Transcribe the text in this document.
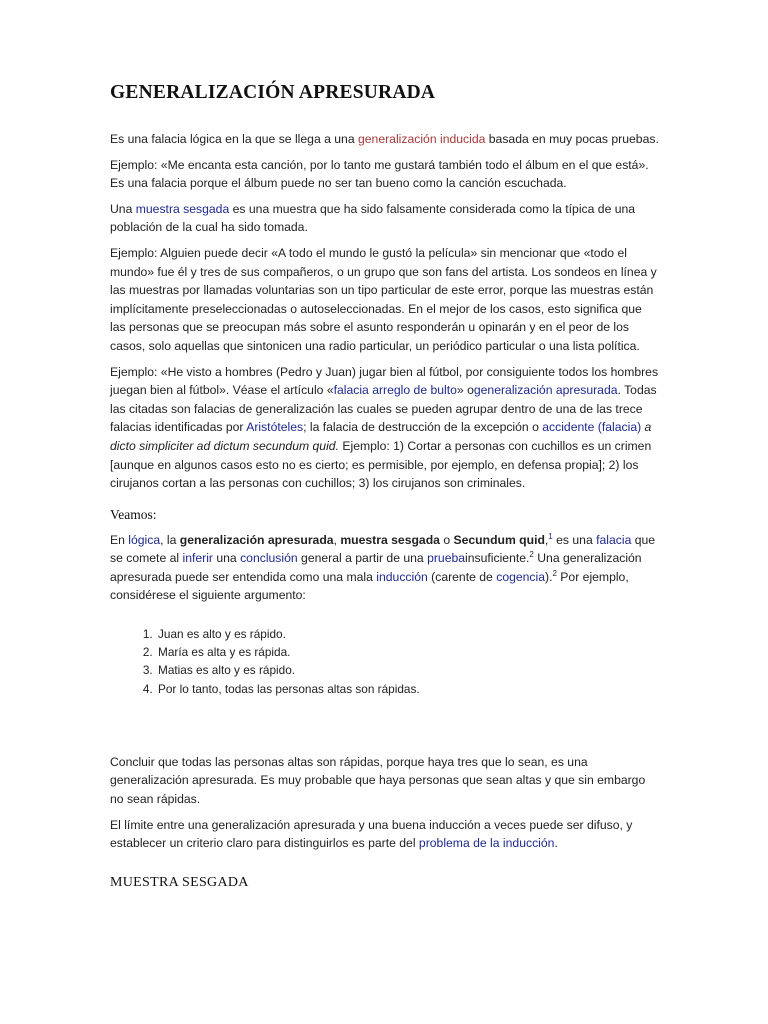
GENERALIZACIÓN APRESURADA

Es una falacia lógica en la que se llega a una generalización inducida basada en muy pocas pruebas.

Ejemplo: «Me encanta esta canción, por lo tanto me gustará también todo el álbum en el que está». Es una falacia porque el álbum puede no ser tan bueno como la canción escuchada.

Una muestra sesgada es una muestra que ha sido falsamente considerada como la típica de una población de la cual ha sido tomada.

Ejemplo: Alguien puede decir «A todo el mundo le gustó la película» sin mencionar que «todo el mundo» fue él y tres de sus compañeros, o un grupo que son fans del artista. Los sondeos en línea y las muestras por llamadas voluntarias son un tipo particular de este error, porque las muestras están implícitamente preseleccionadas o autoseleccionadas. En el mejor de los casos, esto significa que las personas que se preocupan más sobre el asunto responderán u opinarán y en el peor de los casos, solo aquellas que sintonicen una radio particular, un periódico particular o una lista política.

Ejemplo: «He visto a hombres (Pedro y Juan) jugar bien al fútbol, por consiguiente todos los hombres juegan bien al fútbol». Véase el artículo «falacia arreglo de bulto» ogeneralización apresurada. Todas las citadas son falacias de generalización las cuales se pueden agrupar dentro de una de las trece falacias identificadas por Aristóteles; la falacia de destrucción de la excepción o accidente (falacia) a dicto simpliciter ad dictum secundum quid. Ejemplo: 1) Cortar a personas con cuchillos es un crimen [aunque en algunos casos esto no es cierto; es permisible, por ejemplo, en defensa propia]; 2) los cirujanos cortan a las personas con cuchillos; 3) los cirujanos son criminales.

Veamos:

En lógica, la generalización apresurada, muestra sesgada o Secundum quid,$^1$ es una falacia que se comete al inferir una conclusión general a partir de una pruebainsuficiente.$^2$ Una generalización apresurada puede ser entendida como una mala inducción (carente de cogencia).$^2$ Por ejemplo, considérese el siguiente argumento:

1. Juan es alto y es rápido.
2. María es alta y es rápida.
3. Matias es alto y es rápido.
4. Por lo tanto, todas las personas altas son rápidas.

Concluir que todas las personas altas son rápidas, porque haya tres que lo sean, es una generalización apresurada. Es muy probable que haya personas que sean altas y que sin embargo no sean rápidas.

El límite entre una generalización apresurada y una buena inducción a veces puede ser difuso, y establecer un criterio claro para distinguirlos es parte del problema de la inducción.

MUESTRA SESGADA
